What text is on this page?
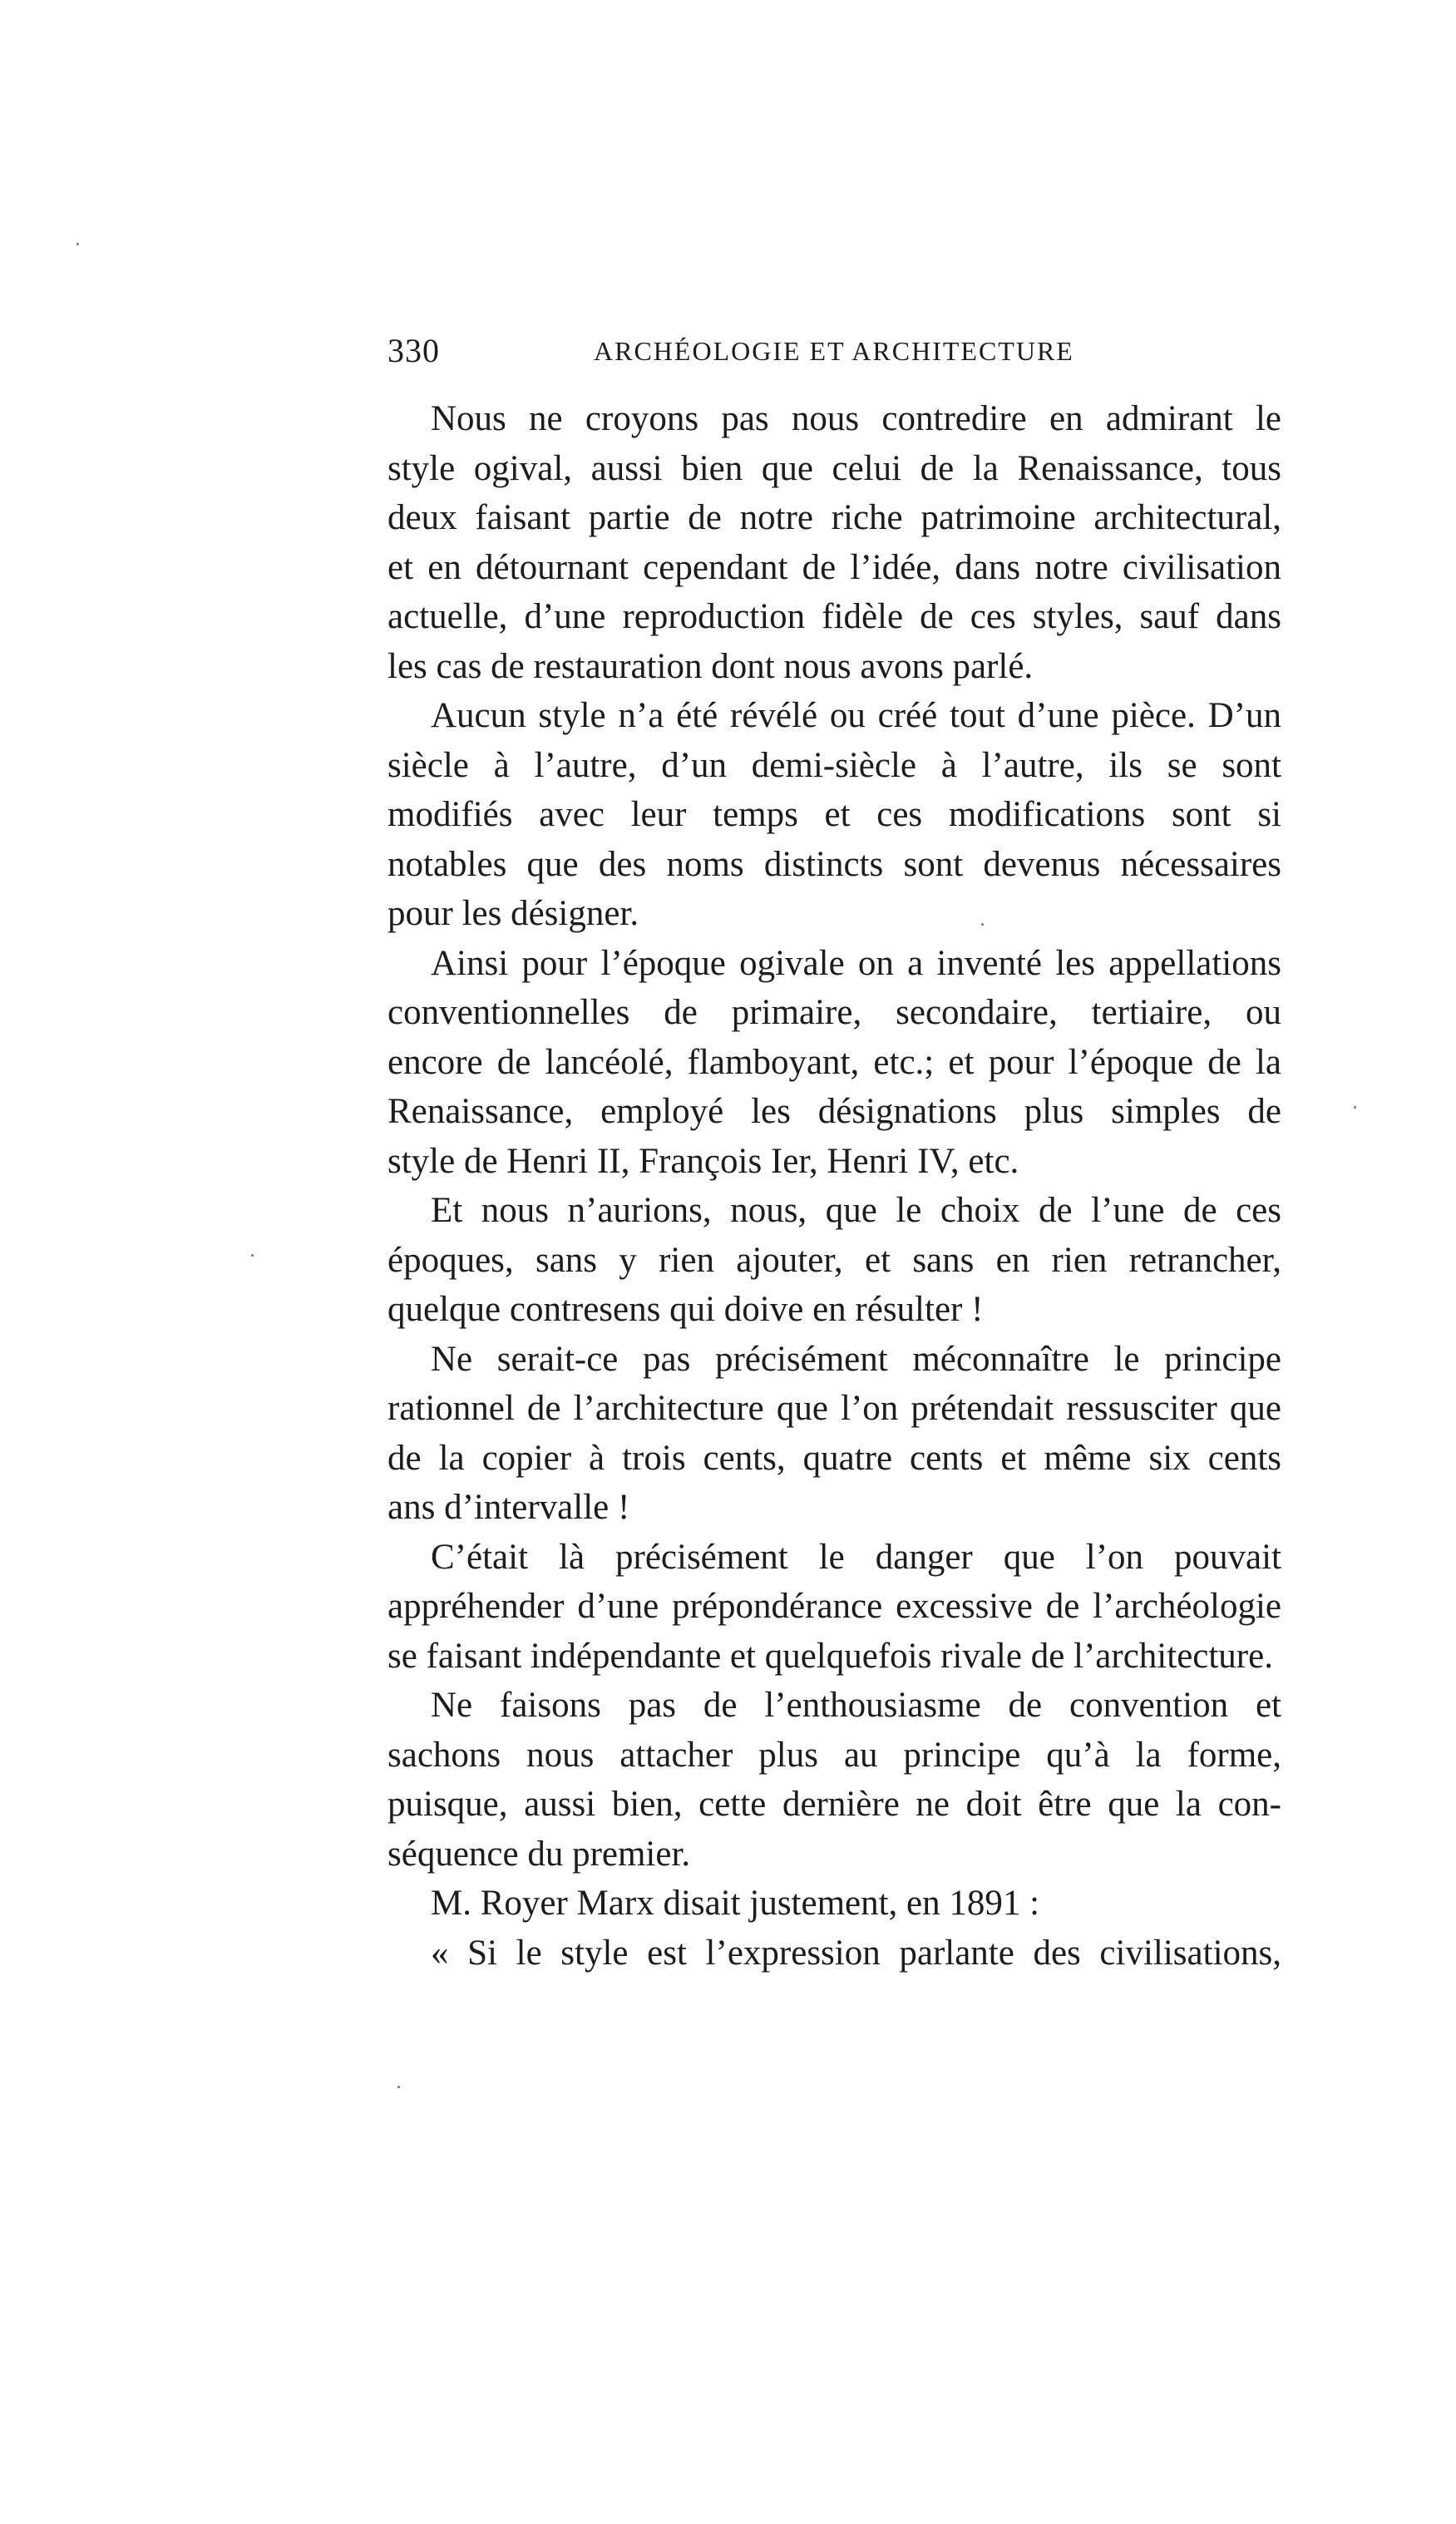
330	ARCHÉOLOGIE ET ARCHITECTURE
Nous ne croyons pas nous contredire en admirant le
style ogival, aussi bien que celui de la Renaissance, tous
deux faisant partie de notre riche patrimoine architectural,
et en détournant cependant de l’idée, dans notre civilisation
actuelle, d’une reproduction fidèle de ces styles, sauf dans
les cas de restauration dont nous avons parlé.
Aucun style n’a été révélé ou créé tout d’une pièce. D’un
siècle à l’autre, d’un demi-siècle à l’autre, ils se sont
modifiés avec leur temps et ces modifications sont si
notables que des noms distincts sont devenus nécessaires
pour les désigner.
Ainsi pour l’époque ogivale on a inventé les appellations
conventionnelles de primaire, secondaire, tertiaire, ou
encore de lancéolé, flamboyant, etc.; et pour l’époque de la
Renaissance, employé les désignations plus simples de
style de Henri II, François Ier, Henri IV, etc.
Et nous n’aurions, nous, que le choix de l’une de ces
époques, sans y rien ajouter, et sans en rien retrancher,
quelque contresens qui doive en résulter !
Ne serait-ce pas précisément méconnaître le principe
rationnel de l’architecture que l’on prétendait ressusciter que
de la copier à trois cents, quatre cents et même six cents
ans d’intervalle !
C’était là précisément le danger que l’on pouvait
appréhender d’une prépondérance excessive de l’archéologie
se faisant indépendante et quelquefois rivale de l’architecture.
Ne faisons pas de l’enthousiasme de convention et
sachons nous attacher plus au principe qu’à la forme,
puisque, aussi bien, cette dernière ne doit être que la con-
séquence du premier.
M. Royer Marx disait justement, en 1891 :
« Si le style est l’expression parlante des civilisations,
